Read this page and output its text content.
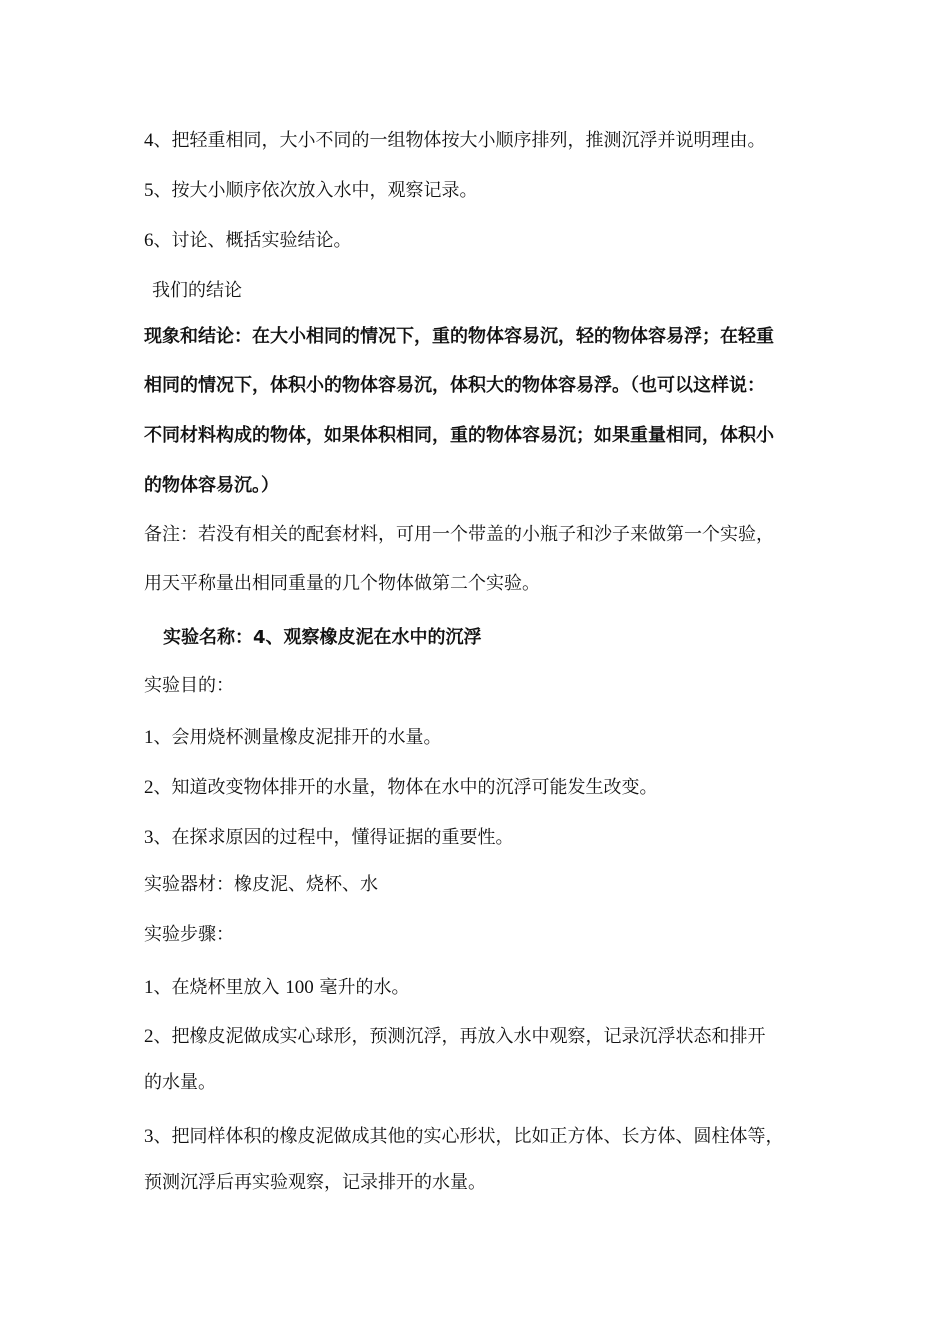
4、把轻重相同，大小不同的一组物体按大小顺序排列，推测沉浮并说明理由。
5、按大小顺序依次放入水中，观察记录。
6、讨论、概括实验结论。
我们的结论
现象和结论：在大小相同的情况下，重的物体容易沉，轻的物体容易浮；在轻重
相同的情况下，体积小的物体容易沉，体积大的物体容易浮。（也可以这样说：
不同材料构成的物体，如果体积相同，重的物体容易沉；如果重量相同，体积小
的物体容易沉。）
备注：若没有相关的配套材料，可用一个带盖的小瓶子和沙子来做第一个实验，
用天平称量出相同重量的几个物体做第二个实验。
实验名称：4、观察橡皮泥在水中的沉浮
实验目的：
1、会用烧杯测量橡皮泥排开的水量。
2、知道改变物体排开的水量，物体在水中的沉浮可能发生改变。
3、在探求原因的过程中，懂得证据的重要性。
实验器材：橡皮泥、烧杯、水
实验步骤：
1、在烧杯里放入 100 毫升的水。
2、把橡皮泥做成实心球形，预测沉浮，再放入水中观察，记录沉浮状态和排开
的水量。
3、把同样体积的橡皮泥做成其他的实心形状，比如正方体、长方体、圆柱体等，
预测沉浮后再实验观察，记录排开的水量。
